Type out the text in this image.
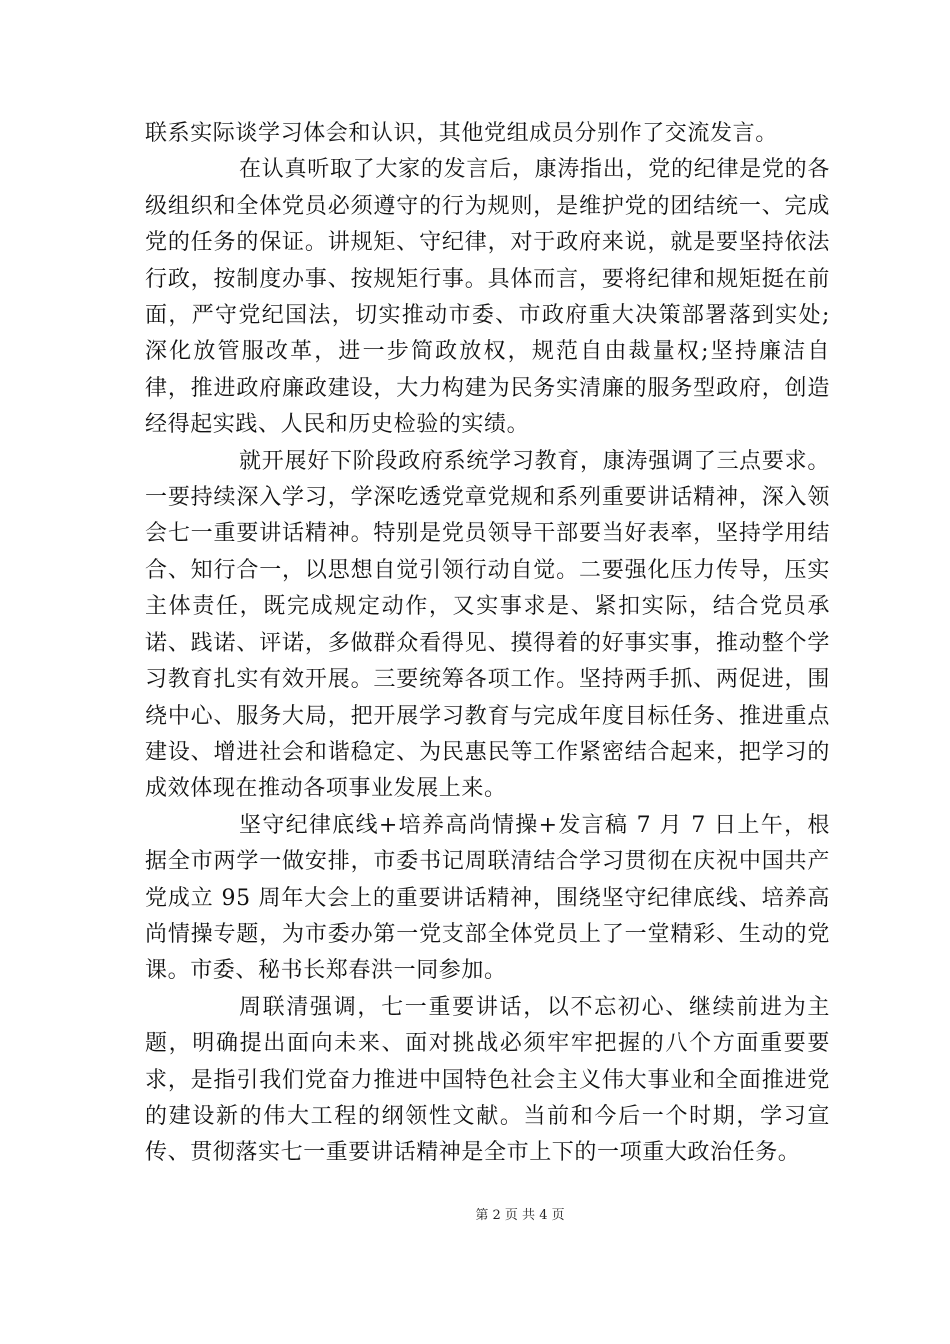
联系实际谈学习体会和认识，其他党组成员分别作了交流发言。

在认真听取了大家的发言后，康涛指出，党的纪律是党的各级组织和全体党员必须遵守的行为规则，是维护党的团结统一、完成党的任务的保证。讲规矩、守纪律，对于政府来说，就是要坚持依法行政，按制度办事、按规矩行事。具体而言，要将纪律和规矩挺在前面，严守党纪国法，切实推动市委、市政府重大决策部署落到实处;深化放管服改革，进一步简政放权，规范自由裁量权;坚持廉洁自律，推进政府廉政建设，大力构建为民务实清廉的服务型政府，创造经得起实践、人民和历史检验的实绩。

就开展好下阶段政府系统学习教育，康涛强调了三点要求。一要持续深入学习，学深吃透党章党规和系列重要讲话精神，深入领会七一重要讲话精神。特别是党员领导干部要当好表率，坚持学用结合、知行合一，以思想自觉引领行动自觉。二要强化压力传导，压实主体责任，既完成规定动作，又实事求是、紧扣实际，结合党员承诺、践诺、评诺，多做群众看得见、摸得着的好事实事，推动整个学习教育扎实有效开展。三要统筹各项工作。坚持两手抓、两促进，围绕中心、服务大局，把开展学习教育与完成年度目标任务、推进重点建设、增进社会和谐稳定、为民惠民等工作紧密结合起来，把学习的成效体现在推动各项事业发展上来。

坚守纪律底线+培养高尚情操+发言稿 7 月 7 日上午，根据全市两学一做安排，市委书记周联清结合学习贯彻在庆祝中国共产党成立 95 周年大会上的重要讲话精神，围绕坚守纪律底线、培养高尚情操专题，为市委办第一党支部全体党员上了一堂精彩、生动的党课。市委、秘书长郑春洪一同参加。

周联清强调，七一重要讲话，以不忘初心、继续前进为主题，明确提出面向未来、面对挑战必须牢牢把握的八个方面重要要求，是指引我们党奋力推进中国特色社会主义伟大事业和全面推进党的建设新的伟大工程的纲领性文献。当前和今后一个时期，学习宣传、贯彻落实七一重要讲话精神是全市上下的一项重大政治任务。

第 2 页 共 4 页
